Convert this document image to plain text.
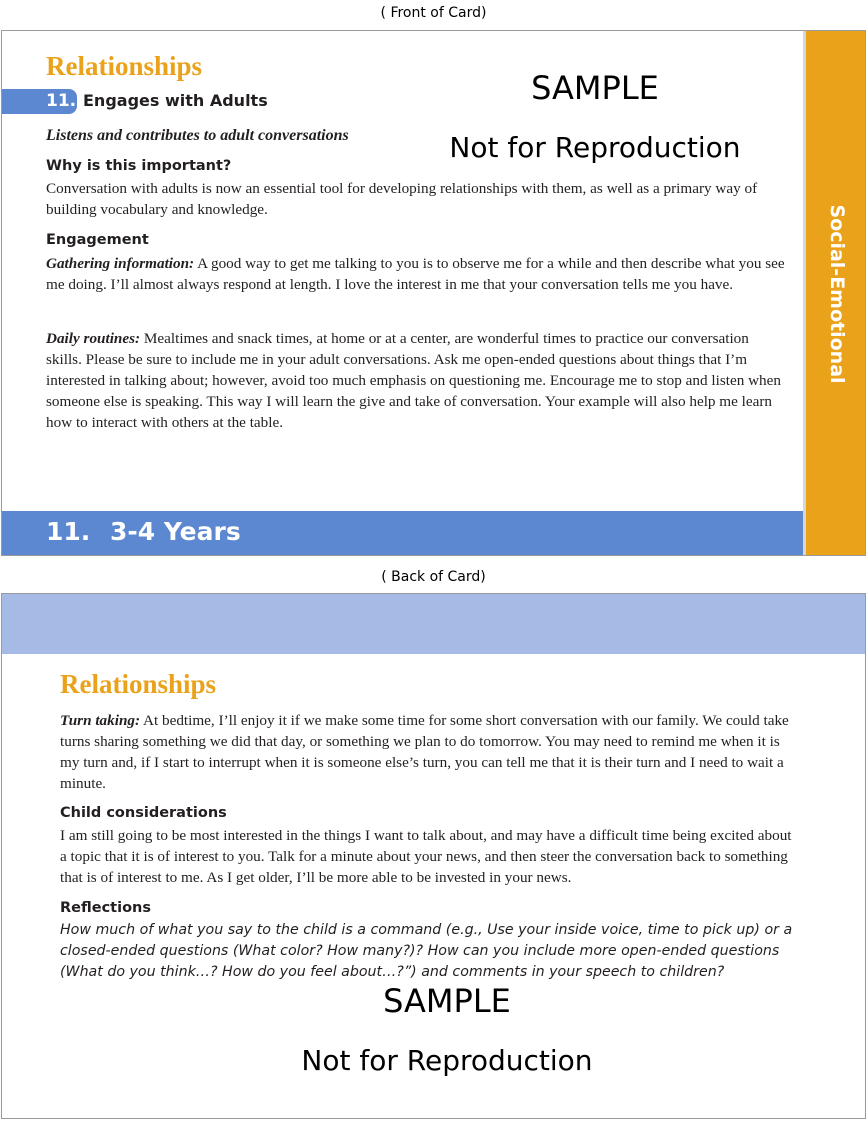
( Front of Card)
Relationships
11. Engages with Adults	SAMPLE
Not for Reproduction
Listens and contributes to adult conversations
Why is this important?
Conversation with adults is now an essential tool for developing relationships with them, as well as a primary way of building vocabulary and knowledge.
Engagement
Gathering information: A good way to get me talking to you is to observe me for a while and then describe what you see me doing. I’ll almost always respond at length. I love the interest in me that your conversation tells me you have.
Daily routines: Mealtimes and snack times, at home or at a center, are wonderful times to practice our conversation skills. Please be sure to include me in your adult conversations. Ask me open-ended questions about things that I’m interested in talking about; however, avoid too much emphasis on questioning me. Encourage me to stop and listen when someone else is speaking. This way I will learn the give and take of conversation. Your example will also help me learn how to interact with others at the table.
11. 3-4 Years
Social-Emotional
( Back of Card)
Relationships
Turn taking: At bedtime, I’ll enjoy it if we make some time for some short conversation with our family. We could take turns sharing something we did that day, or something we plan to do tomorrow. You may need to remind me when it is my turn and, if I start to interrupt when it is someone else’s turn, you can tell me that it is their turn and I need to wait a minute.
Child considerations
I am still going to be most interested in the things I want to talk about, and may have a difficult time being excited about a topic that it is of interest to you. Talk for a minute about your news, and then steer the conversation back to something that is of interest to me. As I get older, I’ll be more able to be invested in your news.
Reflections
How much of what you say to the child is a command (e.g., Use your inside voice, time to pick up) or a closed-ended questions (What color? How many?)? How can you include more open-ended questions (What do you think…? How do you feel about…?”) and comments in your speech to children?
SAMPLE
Not for Reproduction
